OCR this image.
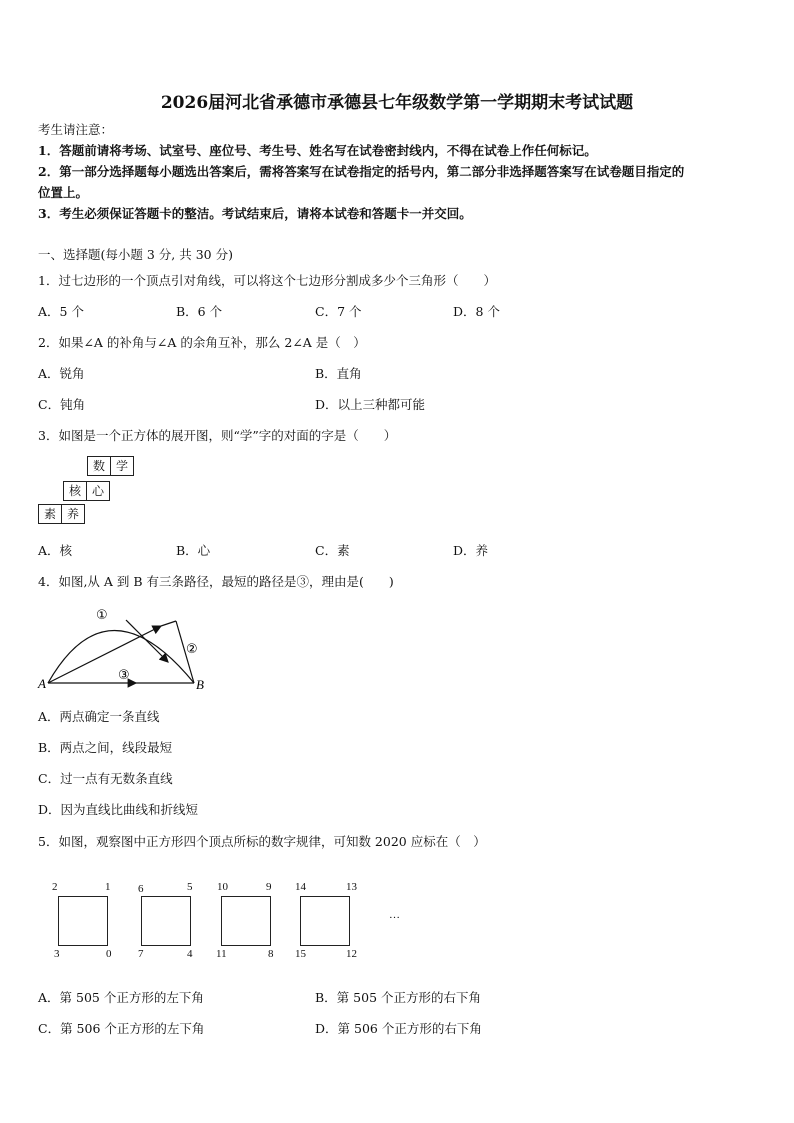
2026届河北省承德市承德县七年级数学第一学期期末考试试题
考生请注意：
1．答题前请将考场、试室号、座位号、考生号、姓名写在试卷密封线内，不得在试卷上作任何标记。
2．第一部分选择题每小题选出答案后，需将答案写在试卷指定的括号内，第二部分非选择题答案写在试卷题目指定的
位置上。
3．考生必须保证答题卡的整洁。考试结束后，请将本试卷和答题卡一并交回。
一、选择题(每小题 3 分, 共 30 分)
1．过七边形的一个顶点引对角线，可以将这个七边形分割成多少个三角形（　　）
A．5 个	B．6 个	C．7 个	D．8 个
2．如果∠A 的补角与∠A 的余角互补，那么 2∠A 是（　）
A．锐角	B．直角
C．钝角	D．以上三种都可能
3．如图是一个正方体的展开图，则“学”字的对面的字是（　　）
数 学
核 心
素 养
A．核	B．心	C．素	D．养
4．如图,从 A 到 B 有三条路径，最短的路径是③，理由是(　　)
A	B
①
②
③
A．两点确定一条直线
B．两点之间，线段最短
C．过一点有无数条直线
D．因为直线比曲线和折线短
5．如图，观察图中正方形四个顶点所标的数字规律，可知数 2020 应标在（　）
2	1
3	0
6	5
7	4
10	9
11	8
14	13
15	12
…
A．第 505 个正方形的左下角	B．第 505 个正方形的右下角
C．第 506 个正方形的左下角	D．第 506 个正方形的右下角
